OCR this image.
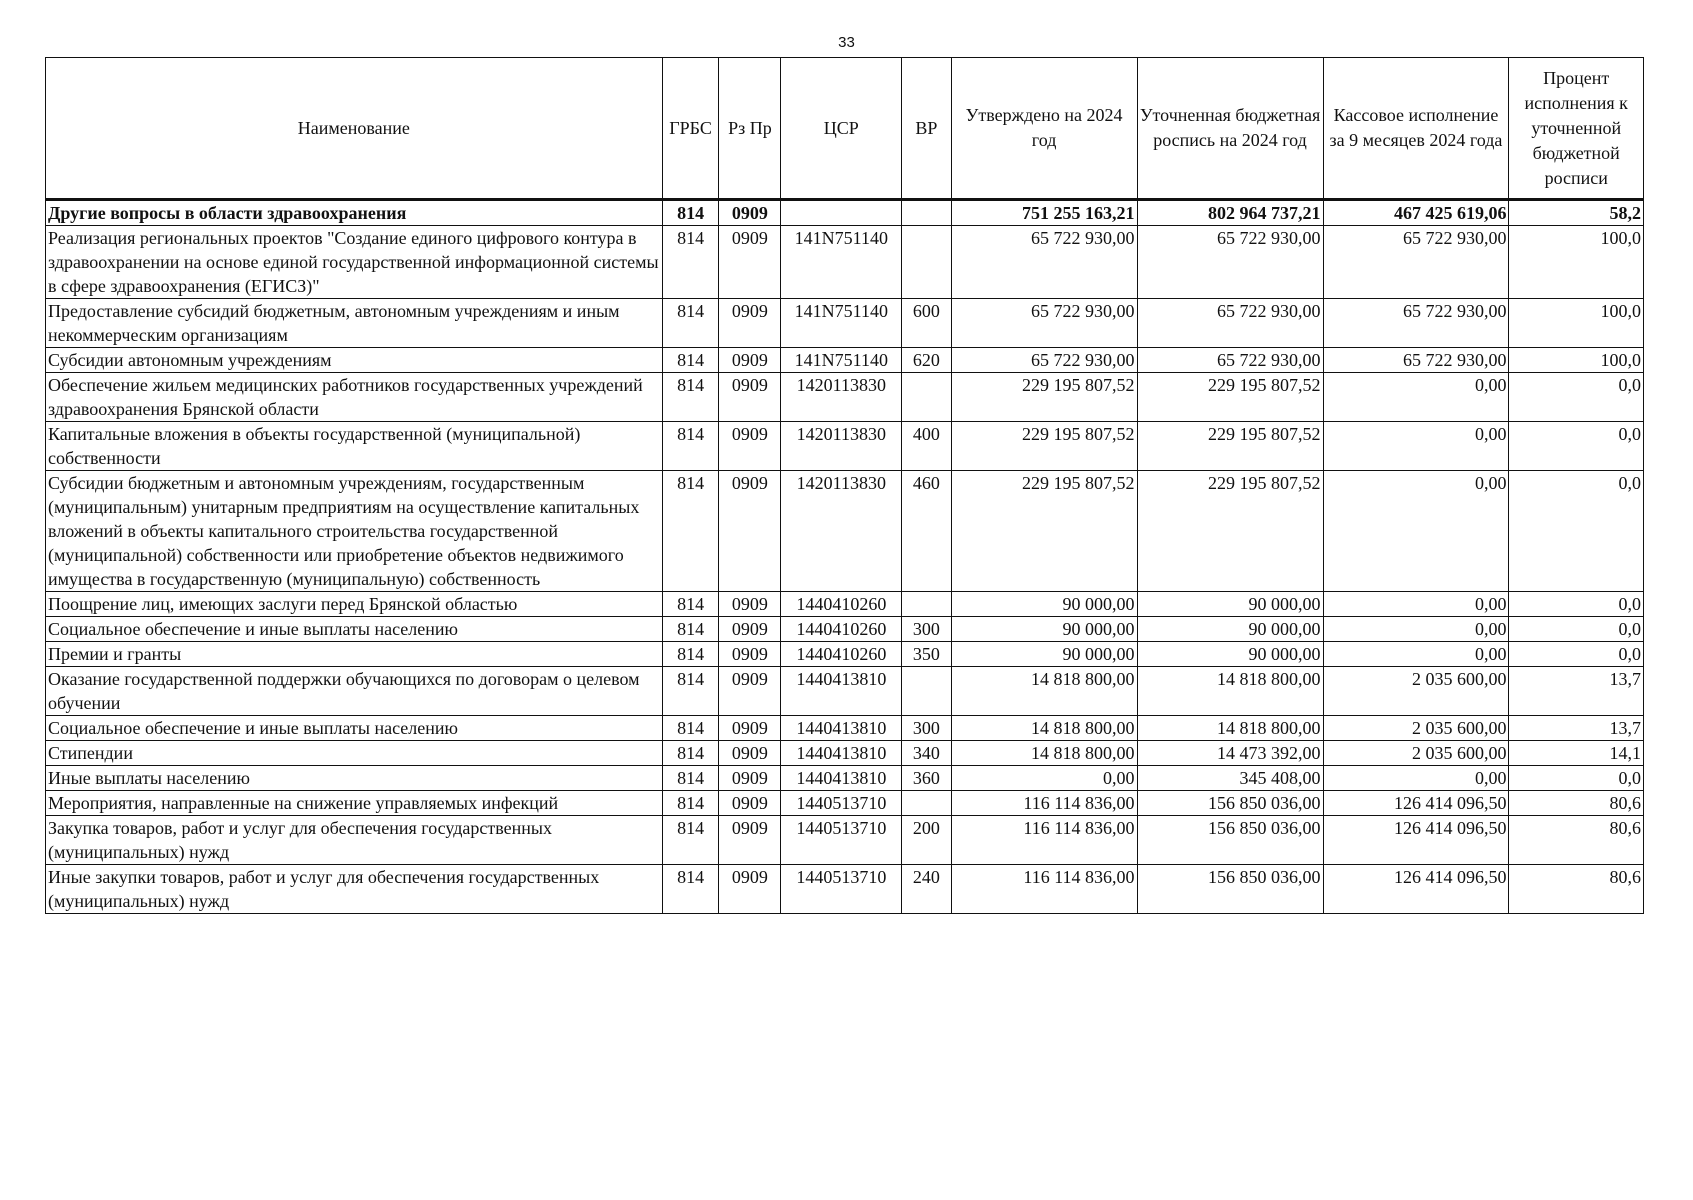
33
Наименование	ГРБС	Рз Пр	ЦСР	ВР	Утверждено на 2024 год	Уточненная бюджетная роспись на 2024 год	Кассовое исполнение за 9 месяцев 2024 года	Процент исполнения к уточненной бюджетной росписи
Другие вопросы в области здравоохранения	814	0909			751 255 163,21	802 964 737,21	467 425 619,06	58,2
Реализация региональных проектов "Создание единого цифрового контура в здравоохранении на основе единой государственной информационной системы в сфере здравоохранения (ЕГИСЗ)"	814	0909	141N751140		65 722 930,00	65 722 930,00	65 722 930,00	100,0
Предоставление субсидий бюджетным, автономным учреждениям и иным некоммерческим организациям	814	0909	141N751140	600	65 722 930,00	65 722 930,00	65 722 930,00	100,0
Субсидии автономным учреждениям	814	0909	141N751140	620	65 722 930,00	65 722 930,00	65 722 930,00	100,0
Обеспечение жильем медицинских работников государственных учреждений здравоохранения Брянской области	814	0909	1420113830		229 195 807,52	229 195 807,52	0,00	0,0
Капитальные вложения в объекты государственной (муниципальной) собственности	814	0909	1420113830	400	229 195 807,52	229 195 807,52	0,00	0,0
Субсидии бюджетным и автономным учреждениям, государственным (муниципальным) унитарным предприятиям на осуществление капитальных вложений в объекты капитального строительства государственной (муниципальной) собственности или приобретение объектов недвижимого имущества в государственную (муниципальную) собственность	814	0909	1420113830	460	229 195 807,52	229 195 807,52	0,00	0,0
Поощрение лиц, имеющих заслуги перед Брянской областью	814	0909	1440410260		90 000,00	90 000,00	0,00	0,0
Социальное обеспечение и иные выплаты населению	814	0909	1440410260	300	90 000,00	90 000,00	0,00	0,0
Премии и гранты	814	0909	1440410260	350	90 000,00	90 000,00	0,00	0,0
Оказание государственной поддержки обучающихся по договорам о целевом обучении	814	0909	1440413810		14 818 800,00	14 818 800,00	2 035 600,00	13,7
Социальное обеспечение и иные выплаты населению	814	0909	1440413810	300	14 818 800,00	14 818 800,00	2 035 600,00	13,7
Стипендии	814	0909	1440413810	340	14 818 800,00	14 473 392,00	2 035 600,00	14,1
Иные выплаты населению	814	0909	1440413810	360	0,00	345 408,00	0,00	0,0
Мероприятия, направленные на снижение управляемых инфекций	814	0909	1440513710		116 114 836,00	156 850 036,00	126 414 096,50	80,6
Закупка товаров, работ и услуг для обеспечения государственных (муниципальных) нужд	814	0909	1440513710	200	116 114 836,00	156 850 036,00	126 414 096,50	80,6
Иные закупки товаров, работ и услуг для обеспечения государственных (муниципальных) нужд	814	0909	1440513710	240	116 114 836,00	156 850 036,00	126 414 096,50	80,6
